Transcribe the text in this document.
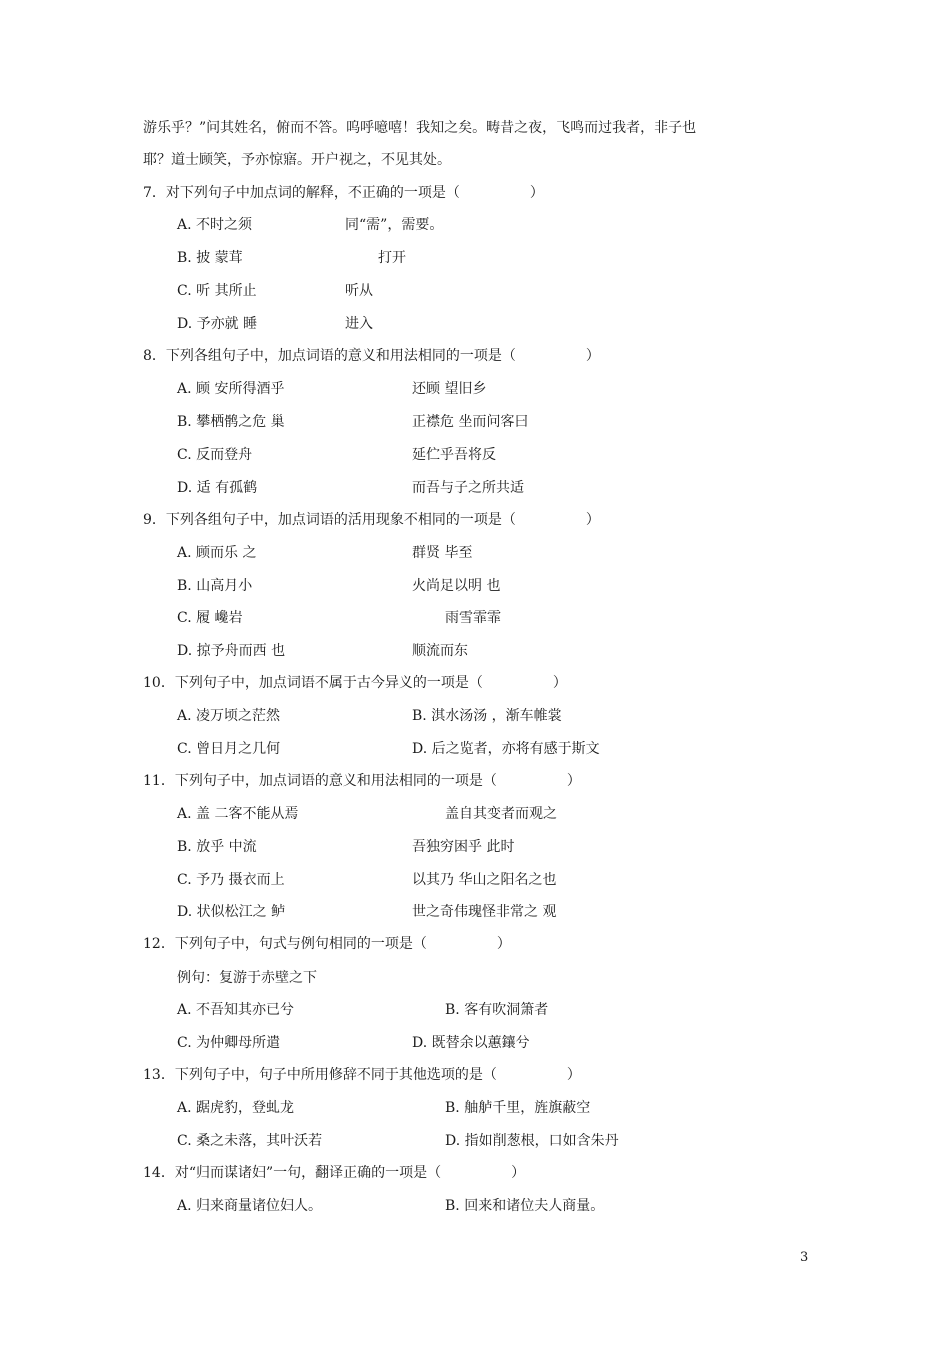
游乐乎？”问其姓名，俯而不答。呜呼噫嘻！我知之矣。畴昔之夜，飞鸣而过我者，非子也
耶？道士顾笑，予亦惊寤。开户视之，不见其处。
7．对下列句子中加点词的解释，不正确的一项是（　　　　　）
A. 不时之须	同“需”，需要。
B. 披 蒙茸	打开
C. 听 其所止	听从
D. 予亦就 睡	进入
8．下列各组句子中，加点词语的意义和用法相同的一项是（　　　　　）
A. 顾 安所得酒乎	还顾 望旧乡
B. 攀栖鹘之危 巢	正襟危 坐而问客曰
C. 反而登舟	延伫乎吾将反
D. 适 有孤鹤	而吾与子之所共适
9．下列各组句子中，加点词语的活用现象不相同的一项是（　　　　　）
A. 顾而乐 之	群贤 毕至
B. 山高月小	火尚足以明 也
C. 履 巉岩	雨雪霏霏
D. 掠予舟而西 也	顺流而东
10．下列句子中，加点词语不属于古今异义的一项是（　　　　　）
A. 凌万顷之茫然	B. 淇水汤汤 ，渐车帷裳
C. 曾日月之几何	D. 后之览者，亦将有感于斯文
11．下列句子中，加点词语的意义和用法相同的一项是（　　　　　）
A. 盖 二客不能从焉	盖自其变者而观之
B. 放乎 中流	吾独穷困乎 此时
C. 予乃 摄衣而上	以其乃 华山之阳名之也
D. 状似松江之 鲈	世之奇伟瑰怪非常之 观
12．下列句子中，句式与例句相同的一项是（　　　　　）
例句：复游于赤壁之下
A. 不吾知其亦已兮	B. 客有吹洞箫者
C. 为仲卿母所遣	D. 既替余以蕙鑲兮
13．下列句子中，句子中所用修辞不同于其他选项的是（　　　　　）
A. 踞虎豹，登虬龙	B. 舳舻千里，旌旗蔽空
C. 桑之未落，其叶沃若	D. 指如削葱根，口如含朱丹
14．对“归而谋诸妇”一句，翻译正确的一项是（　　　　　）
A. 归来商量诸位妇人。	B. 回来和诸位夫人商量。
3
